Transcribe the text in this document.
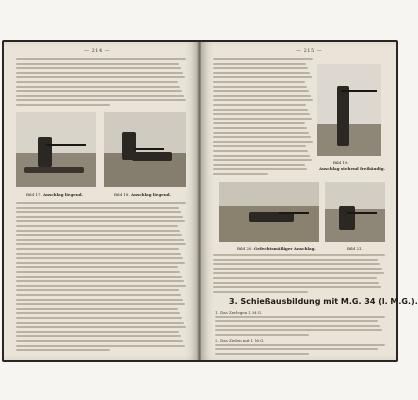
— 214 —
Bild 17. Anschlag liegend.	Bild 18. Anschlag liegend.
— 215 —
Bild 19.
Anschlag stehend freihändig.
Bild 20. Gefechtsmäßiger Anschlag.	Bild 21.
3. Schießausbildung mit M.G. 34 (l. M.G.).
1. Das Zerlegen l. M.G.
2. Das Zielen mit l. M.G.
